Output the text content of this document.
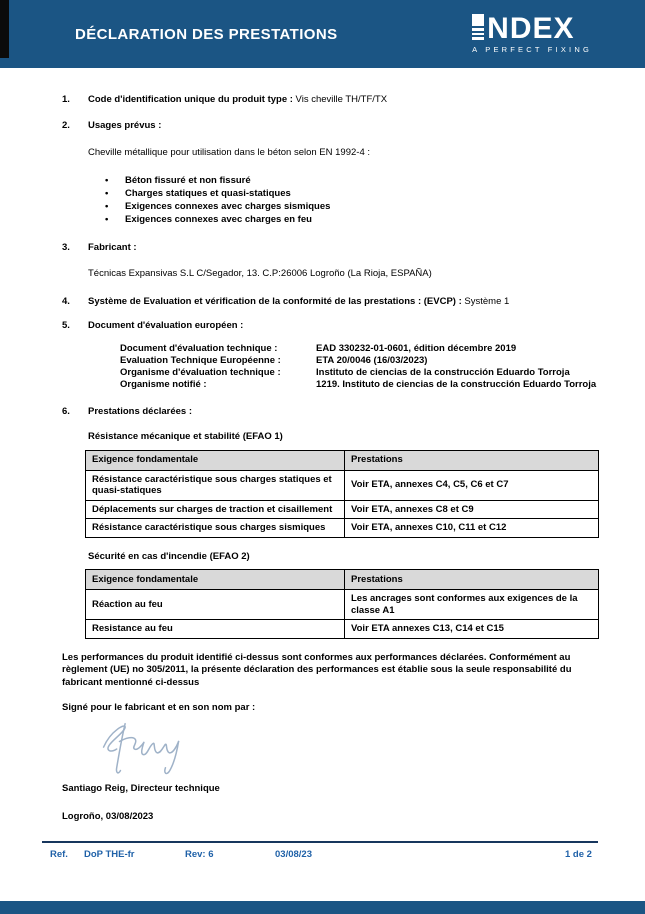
DÉCLARATION DES PRESTATIONS	NDEX
A PERFECT FIXING
1.	Code d'identification unique du produit type : Vis cheville TH/TF/TX
2.	Usages prévus :
Cheville métallique pour utilisation dans le béton selon EN 1992-4 :
• Béton fissuré et non fissuré
• Charges statiques et quasi-statiques
• Exigences connexes avec charges sismiques
• Exigences connexes avec charges en feu
3.	Fabricant :
Técnicas Expansivas S.L C/Segador, 13. C.P:26006 Logroño (La Rioja, ESPAÑA)
4.	Système de Evaluation et vérification de la conformité de las prestations : (EVCP) : Système 1
5.	Document d'évaluation européen :
Document d'évaluation technique :	EAD 330232-01-0601, édition décembre 2019
Evaluation Technique Européenne :	ETA 20/0046 (16/03/2023)
Organisme d'évaluation technique :	Instituto de ciencias de la construcción Eduardo Torroja
Organisme notifié :	1219. Instituto de ciencias de la construcción Eduardo Torroja
6.	Prestations déclarées :
Résistance mécanique et stabilité (EFAO 1)
Exigence fondamentale	Prestations
Résistance caractéristique sous charges statiques et quasi-statiques	Voir ETA, annexes C4, C5, C6 et C7
Déplacements sur charges de traction et cisaillement	Voir ETA, annexes C8 et C9
Résistance caractéristique sous charges sismiques	Voir ETA, annexes C10, C11 et C12
Sécurité en cas d'incendie (EFAO 2)
Exigence fondamentale	Prestations
Réaction au feu	Les ancrages sont conformes aux exigences de la classe A1
Resistance au feu	Voir ETA annexes C13, C14 et C15
Les performances du produit identifié ci-dessus sont conformes aux performances déclarées. Conformément au règlement (UE) no 305/2011, la présente déclaration des performances est établie sous la seule responsabilité du fabricant mentionné ci-dessus
Signé pour le fabricant et en son nom par :
Santiago Reig, Directeur technique
Logroño, 03/08/2023
Ref. DoP THE-fr	Rev: 6	03/08/23	1 de 2
